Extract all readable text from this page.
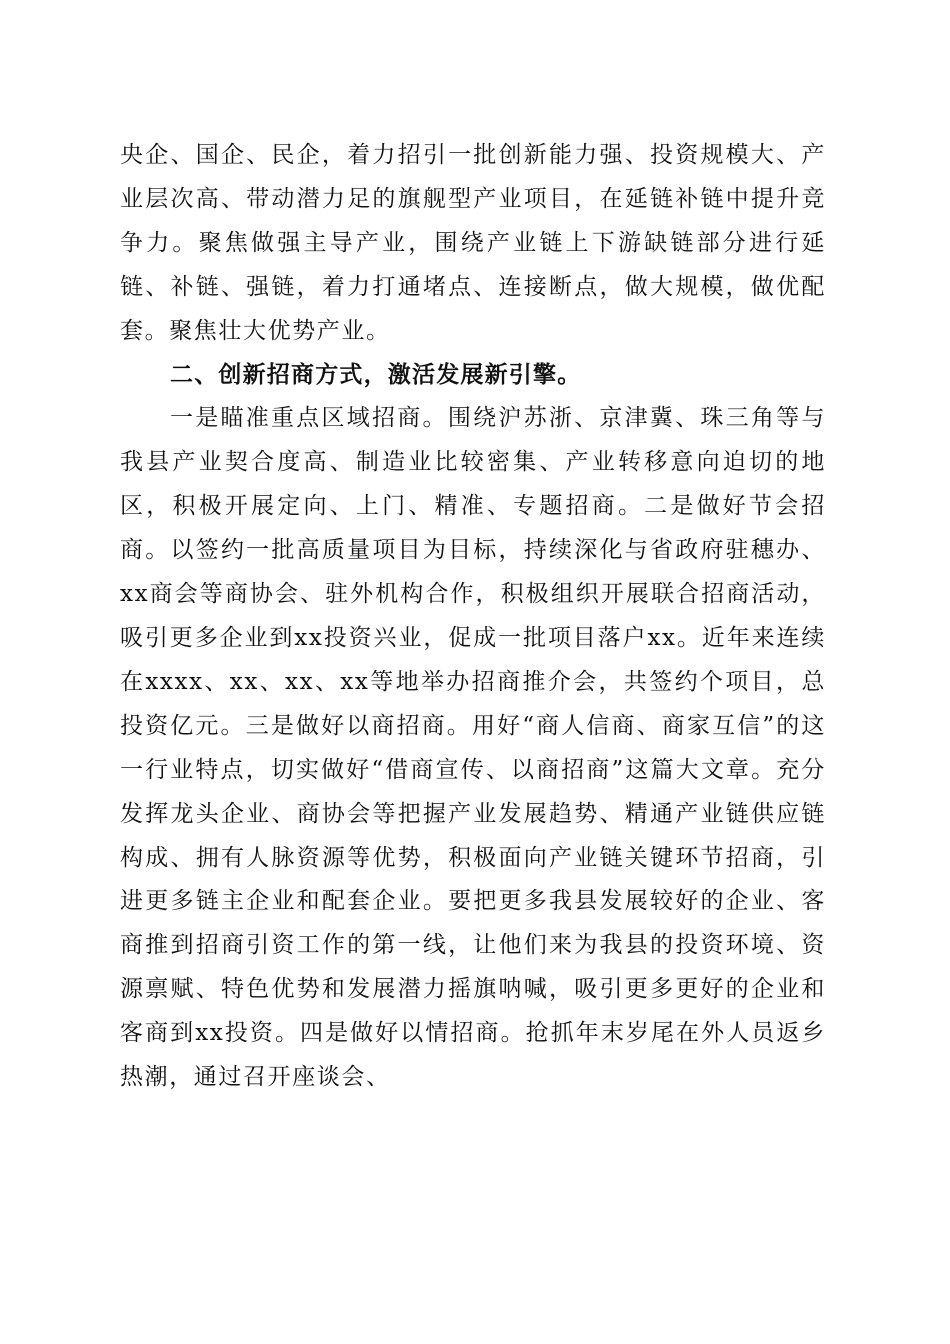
央企、国企、民企，着力招引一批创新能力强、投资规模大、产业层次高、带动潜力足的旗舰型产业项目，在延链补链中提升竞争力。聚焦做强主导产业，围绕产业链上下游缺链部分进行延链、补链、强链，着力打通堵点、连接断点，做大规模，做优配套。聚焦壮大优势产业。

二、创新招商方式，激活发展新引擎。

一是瞄准重点区域招商。围绕沪苏浙、京津冀、珠三角等与我县产业契合度高、制造业比较密集、产业转移意向迫切的地区，积极开展定向、上门、精准、专题招商。二是做好节会招商。以签约一批高质量项目为目标，持续深化与省政府驻穗办、xx商会等商协会、驻外机构合作，积极组织开展联合招商活动，吸引更多企业到xx投资兴业，促成一批项目落户xx。近年来连续在xxxx、xx、xx、xx等地举办招商推介会，共签约个项目，总投资亿元。三是做好以商招商。用好“商人信商、商家互信”的这一行业特点，切实做好“借商宣传、以商招商”这篇大文章。充分发挥龙头企业、商协会等把握产业发展趋势、精通产业链供应链构成、拥有人脉资源等优势，积极面向产业链关键环节招商，引进更多链主企业和配套企业。要把更多我县发展较好的企业、客商推到招商引资工作的第一线，让他们来为我县的投资环境、资源禀赋、特色优势和发展潜力摇旗呐喊，吸引更多更好的企业和客商到xx投资。四是做好以情招商。抢抓年末岁尾在外人员返乡热潮，通过召开座谈会、
